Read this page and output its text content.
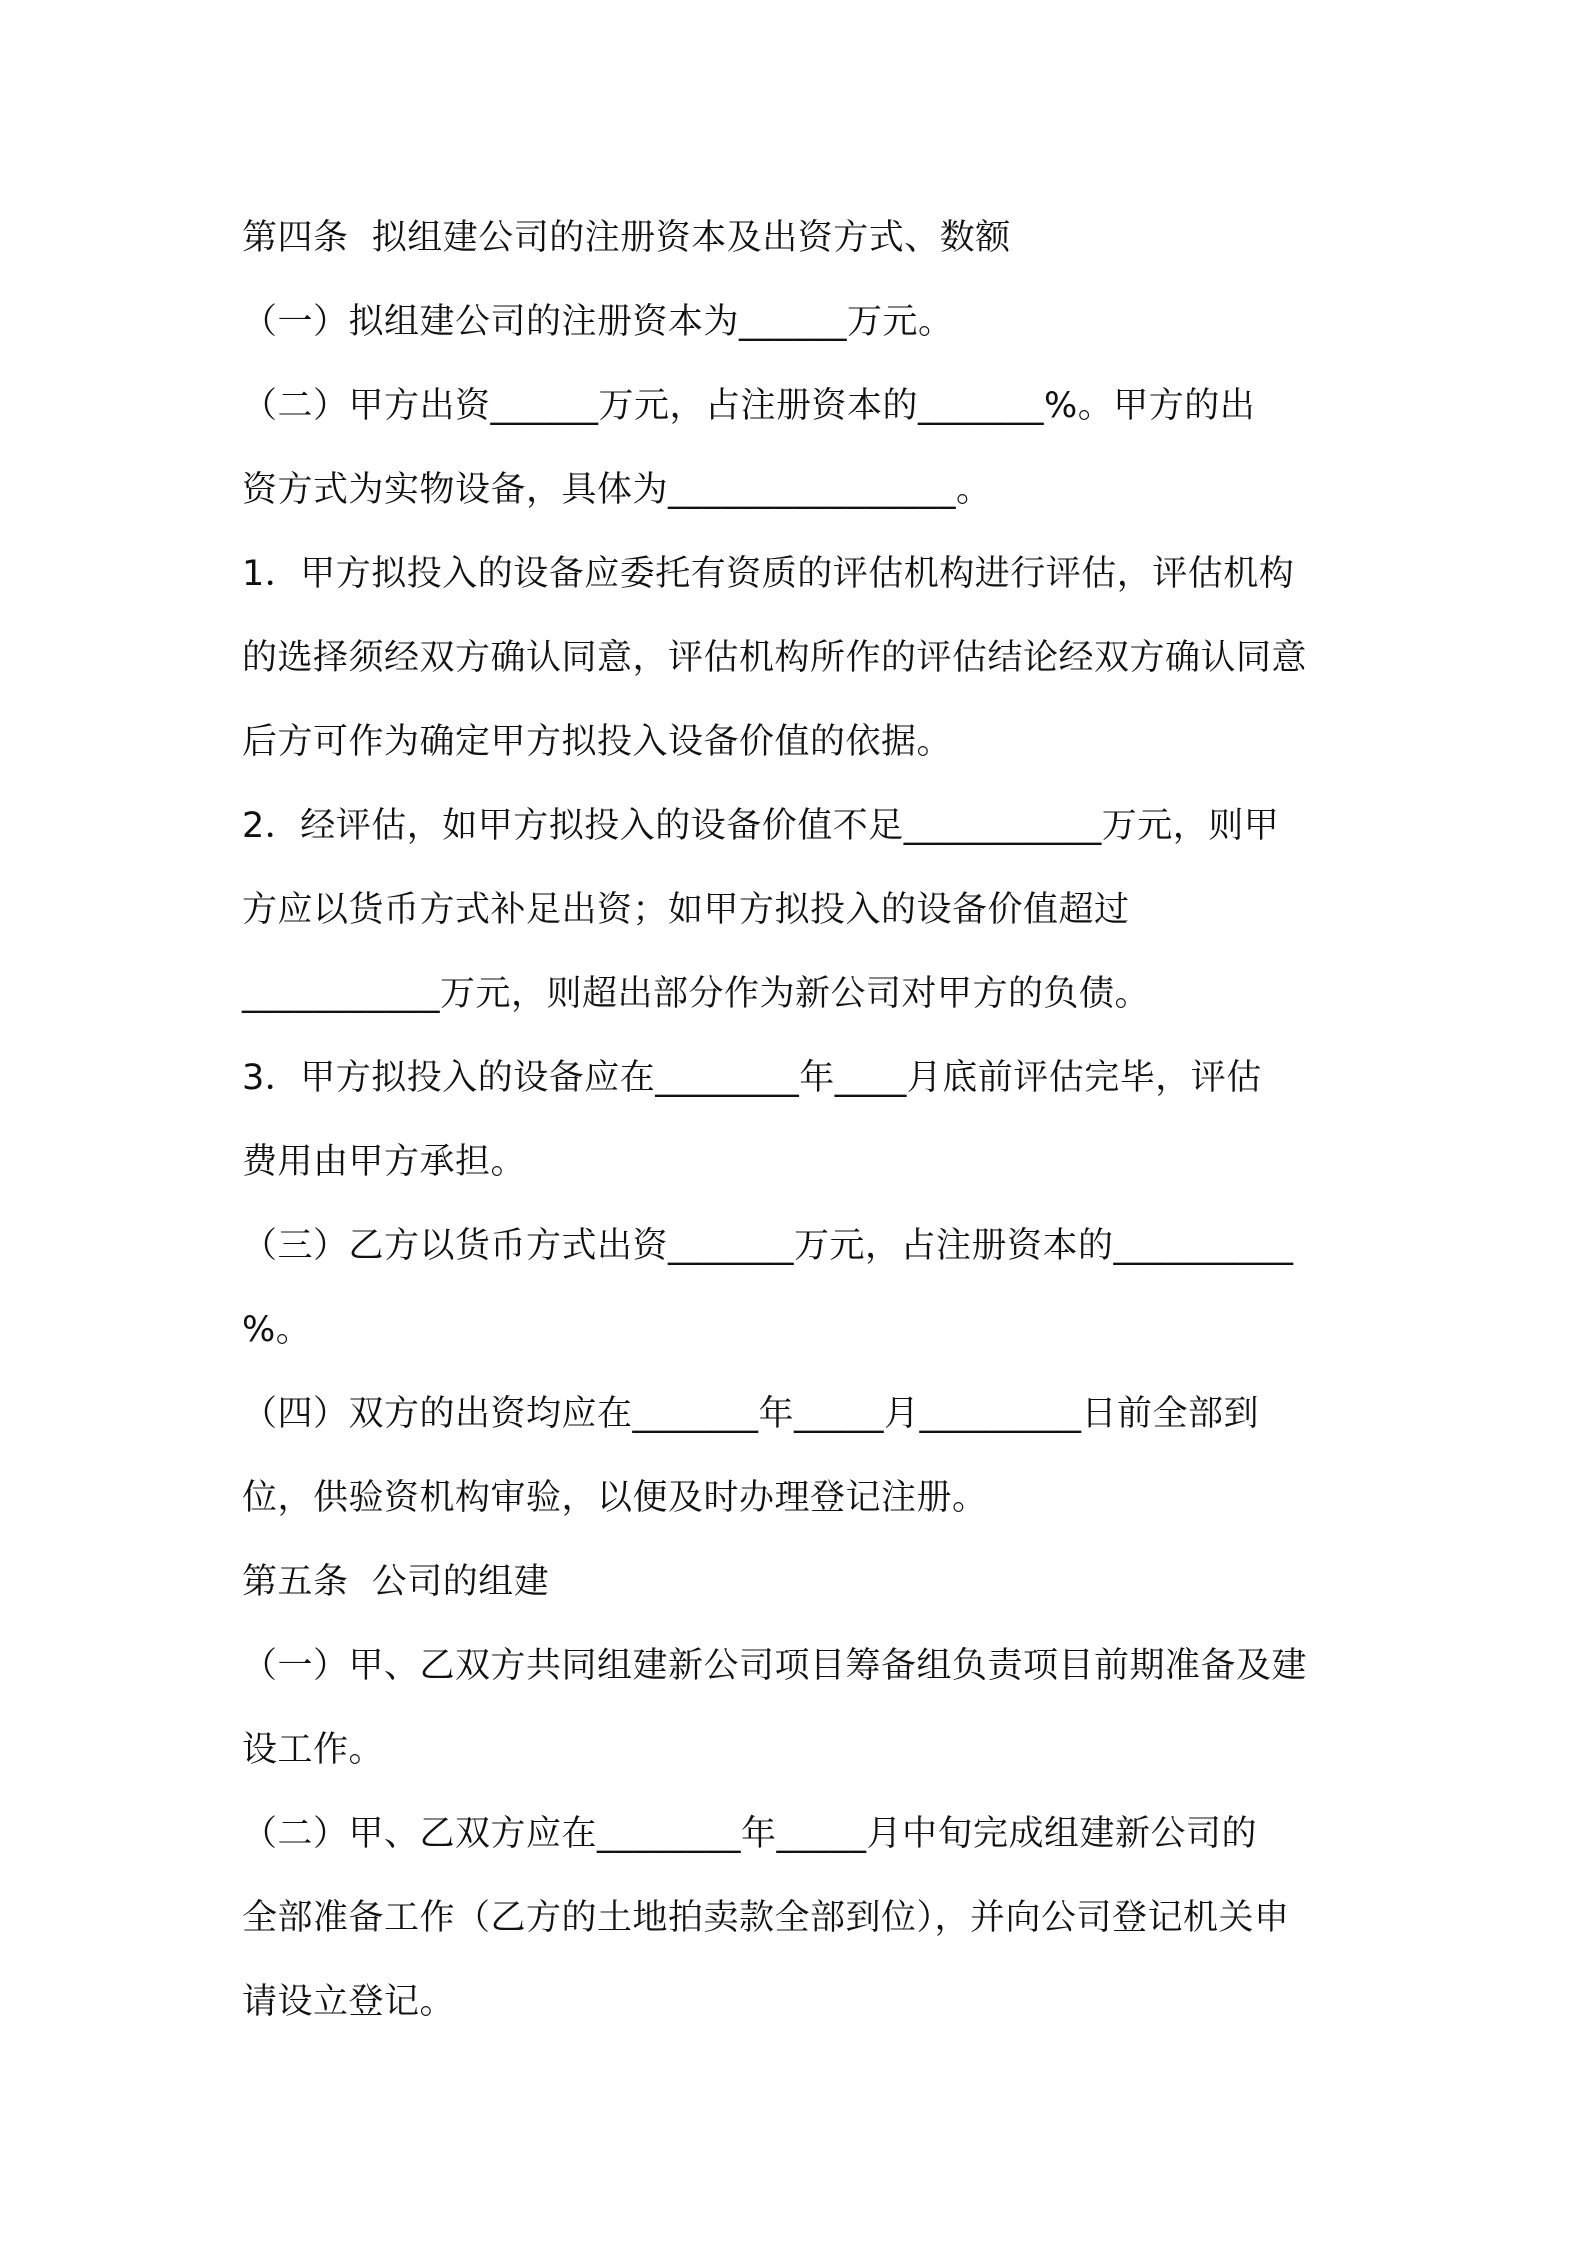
第四条  拟组建公司的注册资本及出资方式、数额
（一）拟组建公司的注册资本为______万元。
（二）甲方出资______万元，占注册资本的_______%。甲方的出
资方式为实物设备，具体为________________。
1．甲方拟投入的设备应委托有资质的评估机构进行评估，评估机构
的选择须经双方确认同意，评估机构所作的评估结论经双方确认同意
后方可作为确定甲方拟投入设备价值的依据。
2．经评估，如甲方拟投入的设备价值不足___________万元，则甲
方应以货币方式补足出资；如甲方拟投入的设备价值超过
___________万元，则超出部分作为新公司对甲方的负债。
3．甲方拟投入的设备应在________年____月底前评估完毕，评估
费用由甲方承担。
（三）乙方以货币方式出资_______万元，占注册资本的__________
%。
（四）双方的出资均应在_______年_____月_________日前全部到
位，供验资机构审验，以便及时办理登记注册。
第五条  公司的组建
（一）甲、乙双方共同组建新公司项目筹备组负责项目前期准备及建
设工作。
（二）甲、乙双方应在________年_____月中旬完成组建新公司的
全部准备工作（乙方的土地拍卖款全部到位），并向公司登记机关申
请设立登记。
